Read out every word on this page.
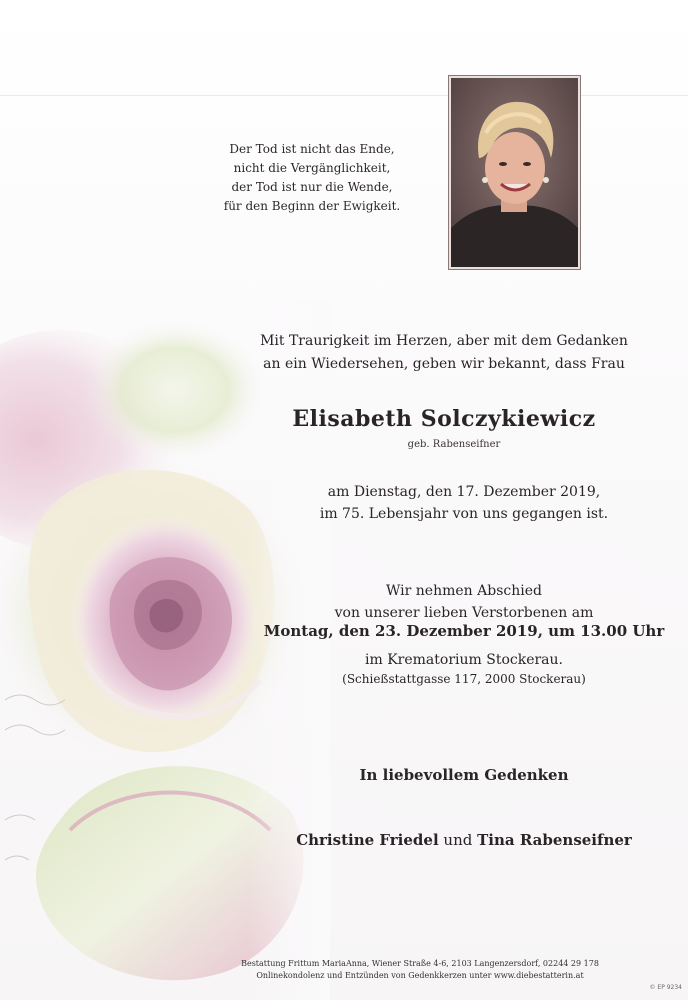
Der Tod ist nicht das Ende,
nicht die Vergänglichkeit,
der Tod ist nur die Wende,
für den Beginn der Ewigkeit.
Mit Traurigkeit im Herzen, aber mit dem Gedanken
an ein Wiedersehen, geben wir bekannt, dass Frau
Elisabeth Solczykiewicz
geb. Rabenseifner
am Dienstag, den 17. Dezember 2019,
im 75. Lebensjahr von uns gegangen ist.
Wir nehmen Abschied
von unserer lieben Verstorbenen am
Montag, den 23. Dezember 2019, um 13.00 Uhr
im Krematorium Stockerau.
(Schießstattgasse 117, 2000 Stockerau)
In liebevollem Gedenken
Christine Friedel und Tina Rabenseifner
Bestattung Frittum MariaAnna, Wiener Straße 4-6, 2103 Langenzersdorf, 02244 29 178
Onlinekondolenz und Entzünden von Gedenkkerzen unter www.diebestatterin.at
© EP 9234
